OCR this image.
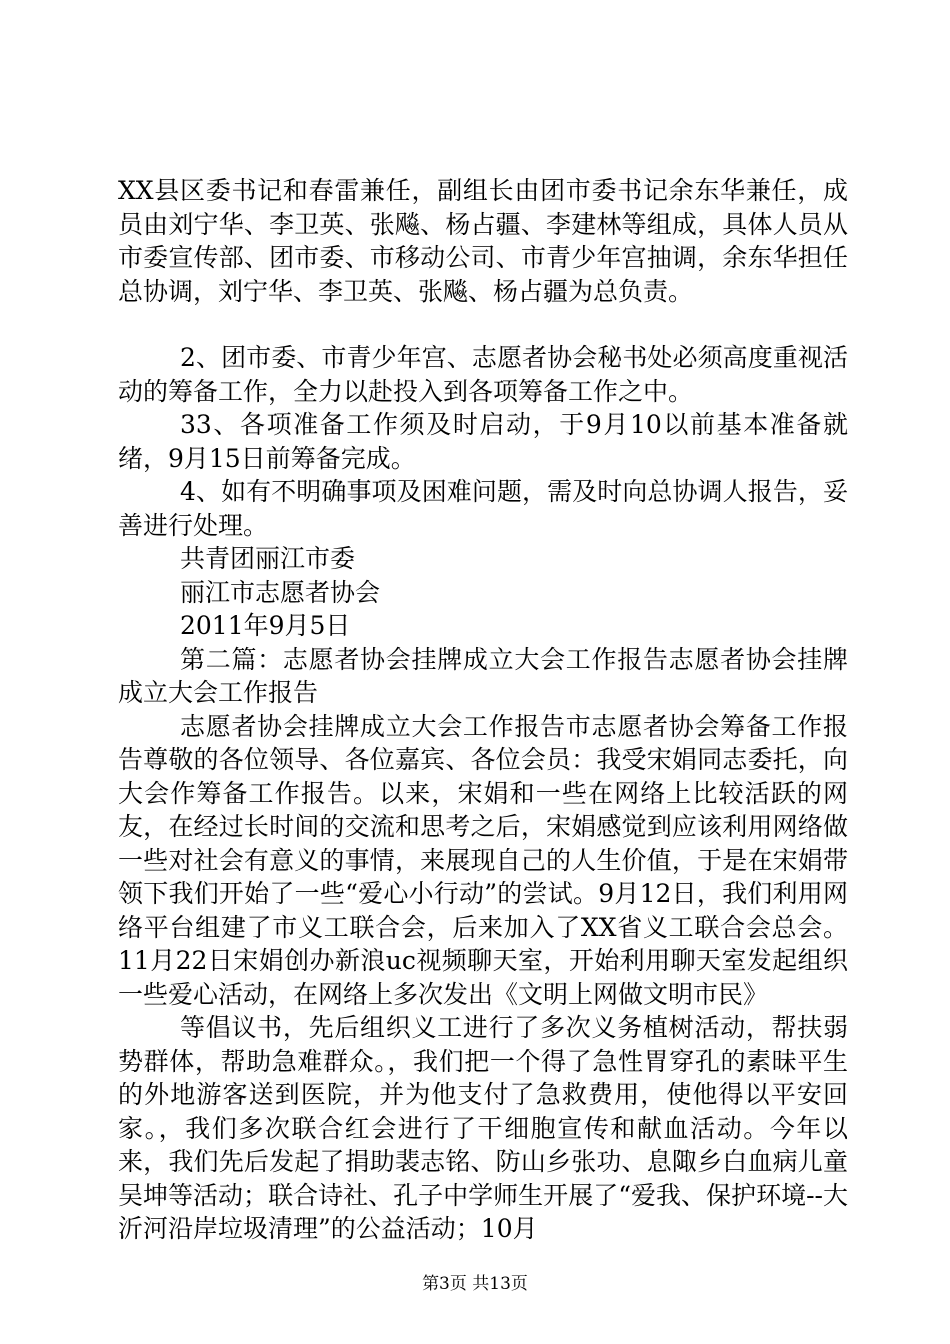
XX县区委书记和春雷兼任，副组长由团市委书记余东华兼任，成员由刘宁华、李卫英、张飚、杨占疆、李建林等组成，具体人员从市委宣传部、团市委、市移动公司、市青少年宫抽调，余东华担任总协调，刘宁华、李卫英、张飚、杨占疆为总负责。

2、团市委、市青少年宫、志愿者协会秘书处必须高度重视活动的筹备工作，全力以赴投入到各项筹备工作之中。

33、各项准备工作须及时启动，于9月10以前基本准备就绪，9月15日前筹备完成。

4、如有不明确事项及困难问题，需及时向总协调人报告，妥善进行处理。

共青团丽江市委

丽江市志愿者协会

2011年9月5日

第二篇：志愿者协会挂牌成立大会工作报告志愿者协会挂牌成立大会工作报告

志愿者协会挂牌成立大会工作报告市志愿者协会筹备工作报告尊敬的各位领导、各位嘉宾、各位会员：我受宋娟同志委托，向大会作筹备工作报告。以来，宋娟和一些在网络上比较活跃的网友，在经过长时间的交流和思考之后，宋娟感觉到应该利用网络做一些对社会有意义的事情，来展现自己的人生价值，于是在宋娟带领下我们开始了一些“爱心小行动”的尝试。9月12日，我们利用网络平台组建了市义工联合会，后来加入了XX省义工联合会总会。11月22日宋娟创办新浪uc视频聊天室，开始利用聊天室发起组织一些爱心活动，在网络上多次发出《文明上网做文明市民》

等倡议书，先后组织义工进行了多次义务植树活动，帮扶弱势群体，帮助急难群众。，我们把一个得了急性胃穿孔的素昧平生的外地游客送到医院，并为他支付了急救费用，使他得以平安回家。，我们多次联合红会进行了干细胞宣传和献血活动。今年以来，我们先后发起了捐助裴志铭、防山乡张功、息陬乡白血病儿童吴坤等活动；联合诗社、孔子中学师生开展了“爱我、保护环境--大沂河沿岸垃圾清理”的公益活动；10月

第3页 共13页
